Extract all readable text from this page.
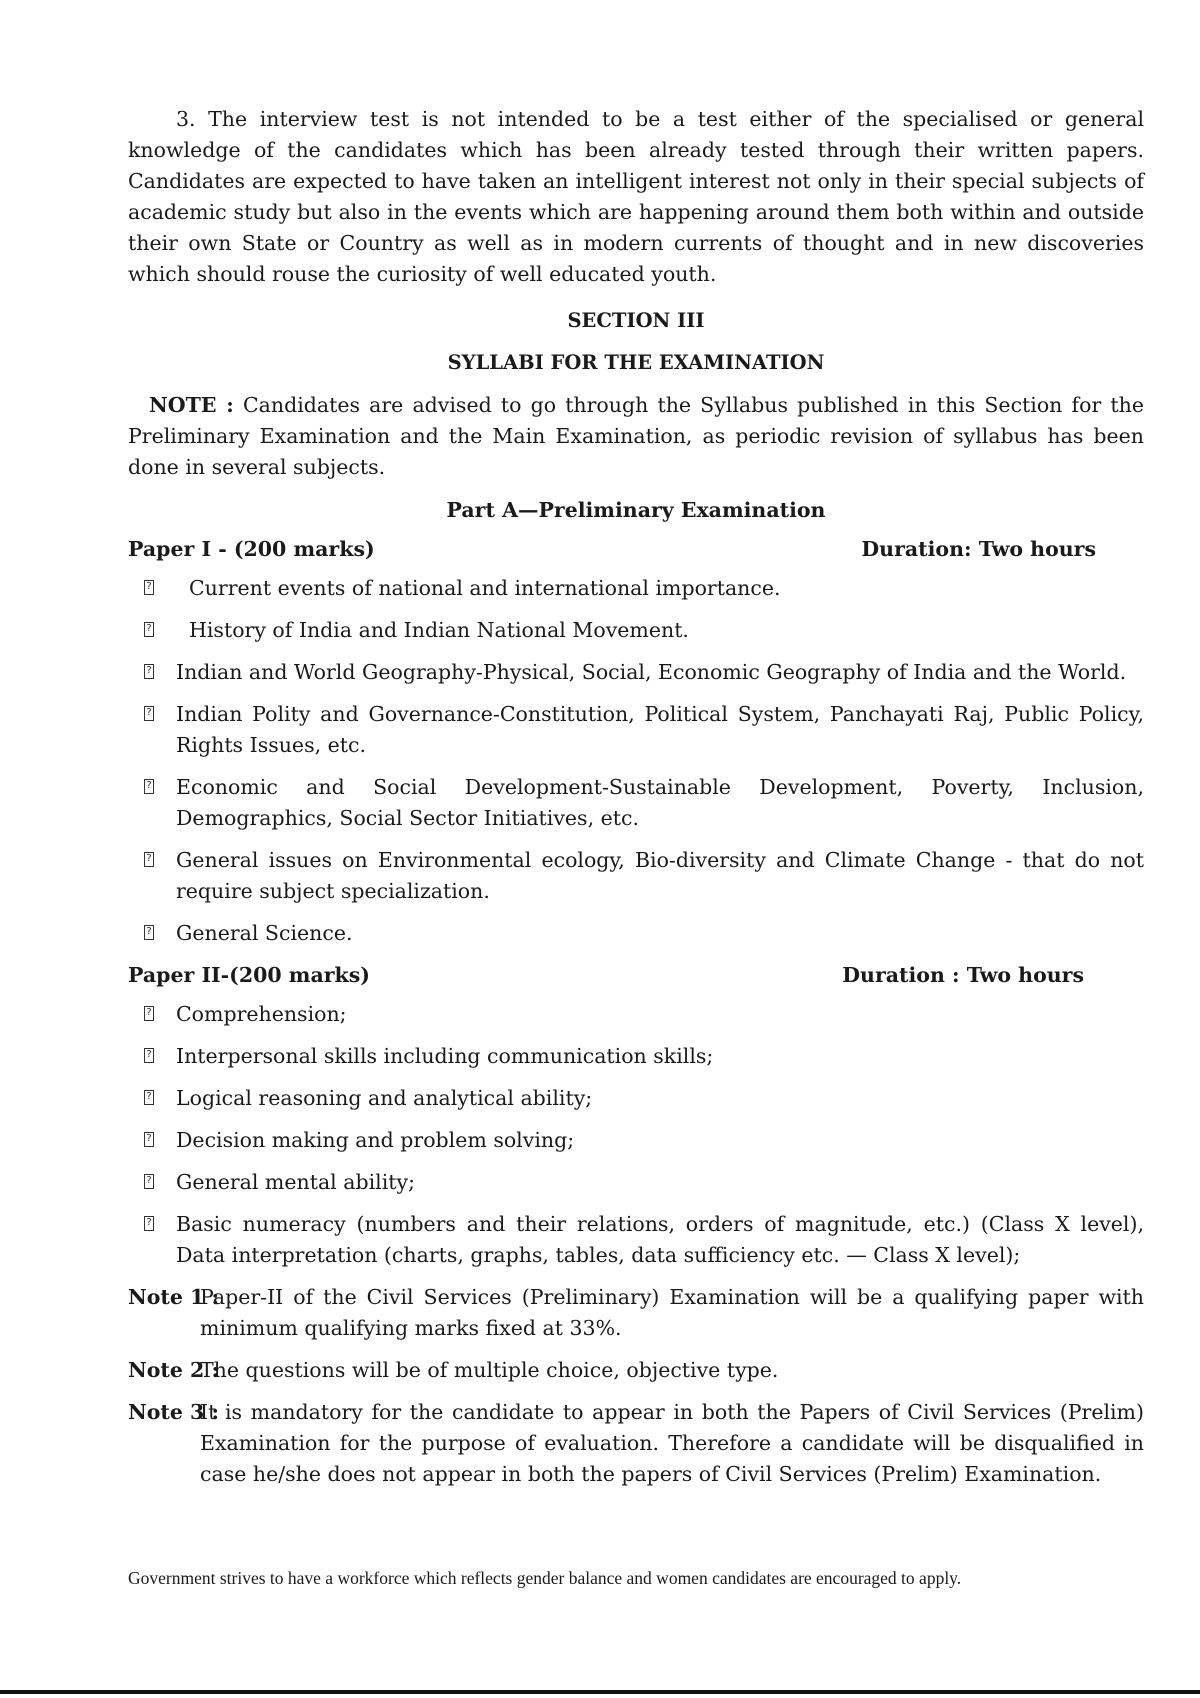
3. The interview test is not intended to be a test either of the specialised or general knowledge of the candidates which has been already tested through their written papers. Candidates are expected to have taken an intelligent interest not only in their special subjects of academic study but also in the events which are happening around them both within and outside their own State or Country as well as in modern currents of thought and in new discoveries which should rouse the curiosity of well educated youth.

SECTION III
SYLLABI FOR THE EXAMINATION

NOTE : Candidates are advised to go through the Syllabus published in this Section for the Preliminary Examination and the Main Examination, as periodic revision of syllabus has been done in several subjects.

Part A—Preliminary Examination
Paper I - (200 marks)	Duration: Two hours
? Current events of national and international importance.
? History of India and Indian National Movement.
? Indian and World Geography-Physical, Social, Economic Geography of India and the World.
? Indian Polity and Governance-Constitution, Political System, Panchayati Raj, Public Policy, Rights Issues, etc.
? Economic and Social Development-Sustainable Development, Poverty, Inclusion, Demographics, Social Sector Initiatives, etc.
? General issues on Environmental ecology, Bio-diversity and Climate Change - that do not require subject specialization.
? General Science.
Paper II-(200 marks)	Duration : Two hours
? Comprehension;
? Interpersonal skills including communication skills;
? Logical reasoning and analytical ability;
? Decision making and problem solving;
? General mental ability;
? Basic numeracy (numbers and their relations, orders of magnitude, etc.) (Class X level), Data interpretation (charts, graphs, tables, data sufficiency etc. — Class X level);
Note 1 :
Paper-II of the Civil Services (Preliminary) Examination will be a qualifying paper with minimum qualifying marks fixed at 33%.
Note 2 :
The questions will be of multiple choice, objective type.
Note 3 :
It is mandatory for the candidate to appear in both the Papers of Civil Services (Prelim) Examination for the purpose of evaluation. Therefore a candidate will be disqualified in case he/she does not appear in both the papers of Civil Services (Prelim) Examination.
Government strives to have a workforce which reflects gender balance and women candidates are encouraged to apply.
